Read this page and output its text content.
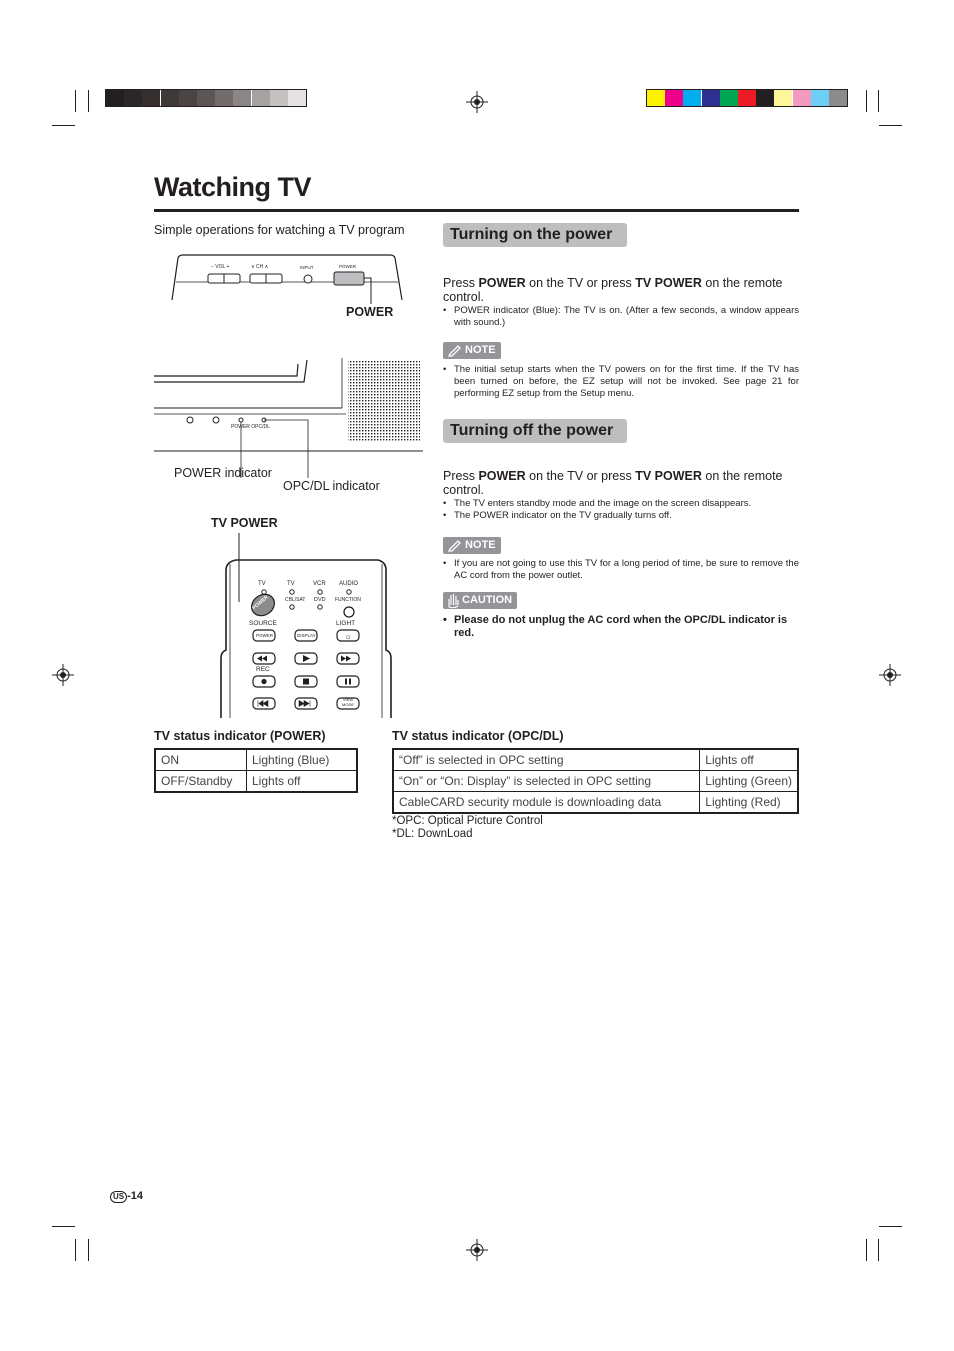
Watching TV
Simple operations for watching a TV program
− VOL +	∨ CH ∧	INPUT	POWER
POWER
POWER OPC/DL
POWER indicator
OPC/DL indicator
TV POWER
☼
TV	TV	VCR AUDIO
CBL/SAT DVD FUNCTION
POWER
SOURCE	LIGHT
POWER	DISPLAY
REC
VIEW MODE
Turning on the power
Press POWER on the TV or press TV POWER on the remote control.
• POWER indicator (Blue): The TV is on. (After a few seconds, a window appears with sound.)
NOTE
• The initial setup starts when the TV powers on for the first time. If the TV has been turned on before, the EZ setup will not be invoked. See page 21 for performing EZ setup from the Setup menu.
Turning off the power
Press POWER on the TV or press TV POWER on the remote control.
• The TV enters standby mode and the image on the screen disappears.
• The POWER indicator on the TV gradually turns off.
NOTE
• If you are not going to use this TV for a long period of time, be sure to remove the AC cord from the power outlet.
CAUTION
• Please do not unplug the AC cord when the OPC/DL indicator is red.
TV status indicator (POWER)
ON	Lighting (Blue)
OFF/Standby	Lights off
TV status indicator (OPC/DL)
“Off” is selected in OPC setting	Lights off
“On” or “On: Display” is selected in OPC setting	Lighting (Green)
CableCARD security module is downloading data	Lighting (Red)
*OPC: Optical Picture Control
*DL: DownLoad
US -14
